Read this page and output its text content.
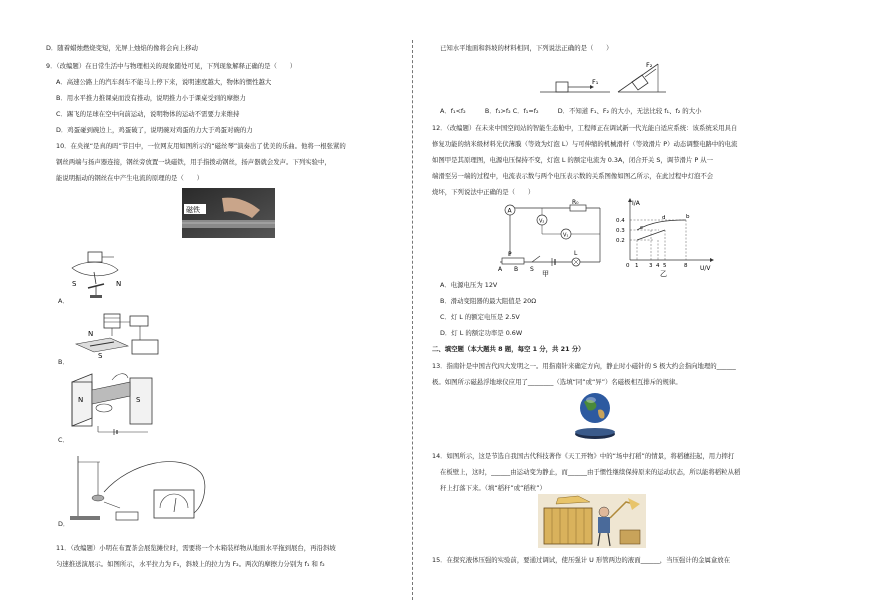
D．随着蜡烛燃烧变短，光屏上烛焰的像将会向上移动
9．（改编题）在日常生活中与物理相关的现象随处可见，下列现象解释正确的是（　　）
A．高速公路上的汽车刹车不能马上停下来，说明速度越大，物体的惯性越大
B．用水平推力推课桌而没有推动，说明推力小于课桌受到的摩擦力
C．踢飞的足球在空中向前运动，说明物体的运动不需要力来维持
D．鸡蛋碰到碗边上，鸡蛋破了，说明碗对鸡蛋的力大于鸡蛋对碗的力
10．在央视“是真的吗”节目中，一位网友用如图所示的“磁丝琴”演奏出了优美的乐曲。他将一根张紧的
钢丝两端与扬声器连接，钢丝旁放置一块磁铁，用手指拨动钢丝，扬声器就会发声。下列实验中，
能说明振动的钢丝在中产生电流的原理的是（　　）
磁铁
S	N
A．
N
S
B．
N	S
C．
D．
11．（改编题）小明在布置茶会展览摊位时，需要将一个木箱装样物从地面水平拖到展台，再沿斜坡
匀速推送演展示。如图所示，水平拉力为 F₁，斜坡上的拉力为 F₂。两次的摩擦力分别为 f₁ 和 f₂
已知水平地面和斜坡的材料相同，下列说法正确的是（　　）
F₁
F₂
A．f₁<f₂　　　B．f₁>f₂ C．f₁=f₂　　　D．不知道 F₁、F₂ 的大小，无法比较 f₁、f₂ 的大小
12．（改编题）在未来中国空间站的智能生态舱中，工程师正在调试新一代光能自适应系统：该系统采用具自
修复功能的纳米级材料光伏薄膜（等效为灯泡 L）与可伸缩的机械滑杆（等效滑片 P）动态调整电路中的电流
如图甲是其原理图，电源电压保持不变，灯泡 L 的额定电流为 0.3A，闭合开关 S，调节滑片 P 从一
端滑至另一端的过程中，电流表示数与两个电压表示数的关系图像如图乙所示，在此过程中灯泡不会
烧坏，下列说法中正确的是（　　）
A
R₀
V₂
V₁
P
A B S
L
甲
I/A
U/V
0.4
0.3
0.2
0 1 3 4 5	8
c
d	b
乙
A．电源电压为 12V
B．滑动变阻器的最大阻值是 20Ω
C．灯 L 的额定电压是 2.5V
D．灯 L 的额定功率是 0.6W
二、填空题（本大题共 8 题，每空 1 分，共 21 分）
13．指南针是中国古代四大发明之一。用指南针来确定方向，静止时小磁针的 S 极大约会指向地理的______
极。如图所示磁悬浮地球仪应用了________（选填“同”或“异”）名磁极相互排斥的规律。
14．如图所示，这是节选自我国古代科技著作《天工开物》中的“场中打稻”的情景，将稻穗挂起，用力摔打
在板壁上，这时，______由运动变为静止，而______由于惯性继续保持原来的运动状态，所以能将稻粒从稻
秆上打落下来。（填“稻秆”或“稻粒”）
15．在探究液体压强的实验前，要通过调试，使压强计 U 形管两边的液面______，当压强计的金属盒放在
